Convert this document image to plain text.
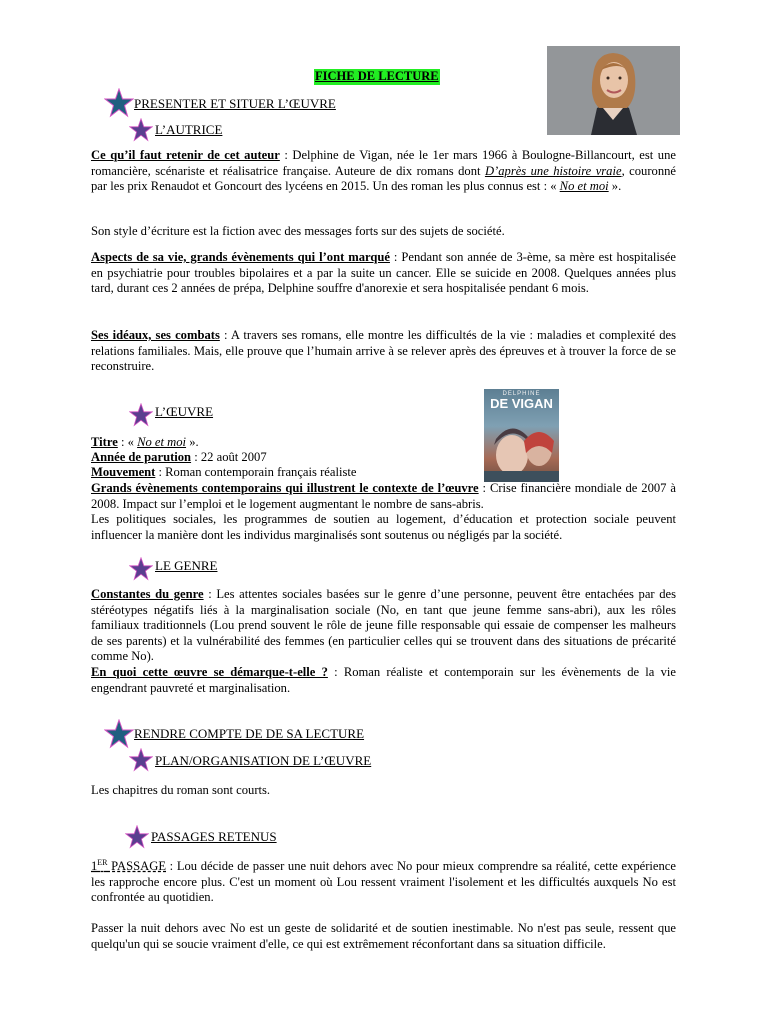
FICHE DE LECTURE
PRESENTER ET SITUER L’ŒUVRE
L’AUTRICE
Ce qu’il faut retenir de cet auteur : Delphine de Vigan, née le 1er mars 1966 à Boulogne-Billancourt, est une romancière, scénariste et réalisatrice française. Auteure de dix romans dont D’après une histoire vraie, couronné par les prix Renaudot et Goncourt des lycéens en 2015. Un des roman les plus connus est : « No et moi ».
Son style d’écriture est la fiction avec des messages forts sur des sujets de société.
Aspects de sa vie, grands évènements qui l’ont marqué : Pendant son année de 3-ème, sa mère est hospitalisée en psychiatrie pour troubles bipolaires et a par la suite un cancer. Elle se suicide en 2008. Quelques années plus tard, durant ces 2 années de prépa, Delphine souffre d'anorexie et sera hospitalisée pendant 6 mois.
Ses idéaux, ses combats : A travers ses romans, elle montre les difficultés de la vie : maladies et complexité des relations familiales. Mais, elle prouve que l’humain arrive à se relever après des épreuves et à trouver la force de se reconstruire.
L’ŒUVRE
DELPHINE
DE VIGAN
Titre : « No et moi ».
Année de parution : 22 août 2007
Mouvement : Roman contemporain français réaliste
Grands évènements contemporains qui illustrent le contexte de l’œuvre : Crise financière mondiale de 2007 à 2008. Impact sur l’emploi et le logement augmentant le nombre de sans-abris.
Les politiques sociales, les programmes de soutien au logement, d’éducation et protection sociale peuvent influencer la manière dont les individus marginalisés sont soutenus ou négligés par la société.
LE GENRE
Constantes du genre : Les attentes sociales basées sur le genre d’une personne, peuvent être entachées par des stéréotypes négatifs liés à la marginalisation sociale (No, en tant que jeune femme sans-abri), aux les rôles familiaux traditionnels (Lou prend souvent le rôle de jeune fille responsable qui essaie de compenser les malheurs de ses parents) et la vulnérabilité des femmes (en particulier celles qui se trouvent dans des situations de précarité comme No).
En quoi cette œuvre se démarque-t-elle ? : Roman réaliste et contemporain sur les évènements de la vie engendrant pauvreté et marginalisation.
RENDRE COMPTE DE DE SA LECTURE
PLAN/ORGANISATION DE L’ŒUVRE
Les chapitres du roman sont courts.
PASSAGES RETENUS
1ER PASSAGE : Lou décide de passer une nuit dehors avec No pour mieux comprendre sa réalité, cette expérience les rapproche encore plus. C'est un moment où Lou ressent vraiment l'isolement et les difficultés auxquels No est confrontée au quotidien.
Passer la nuit dehors avec No est un geste de solidarité et de soutien inestimable. No n'est pas seule, ressent que quelqu'un qui se soucie vraiment d'elle, ce qui est extrêmement réconfortant dans sa situation difficile.
